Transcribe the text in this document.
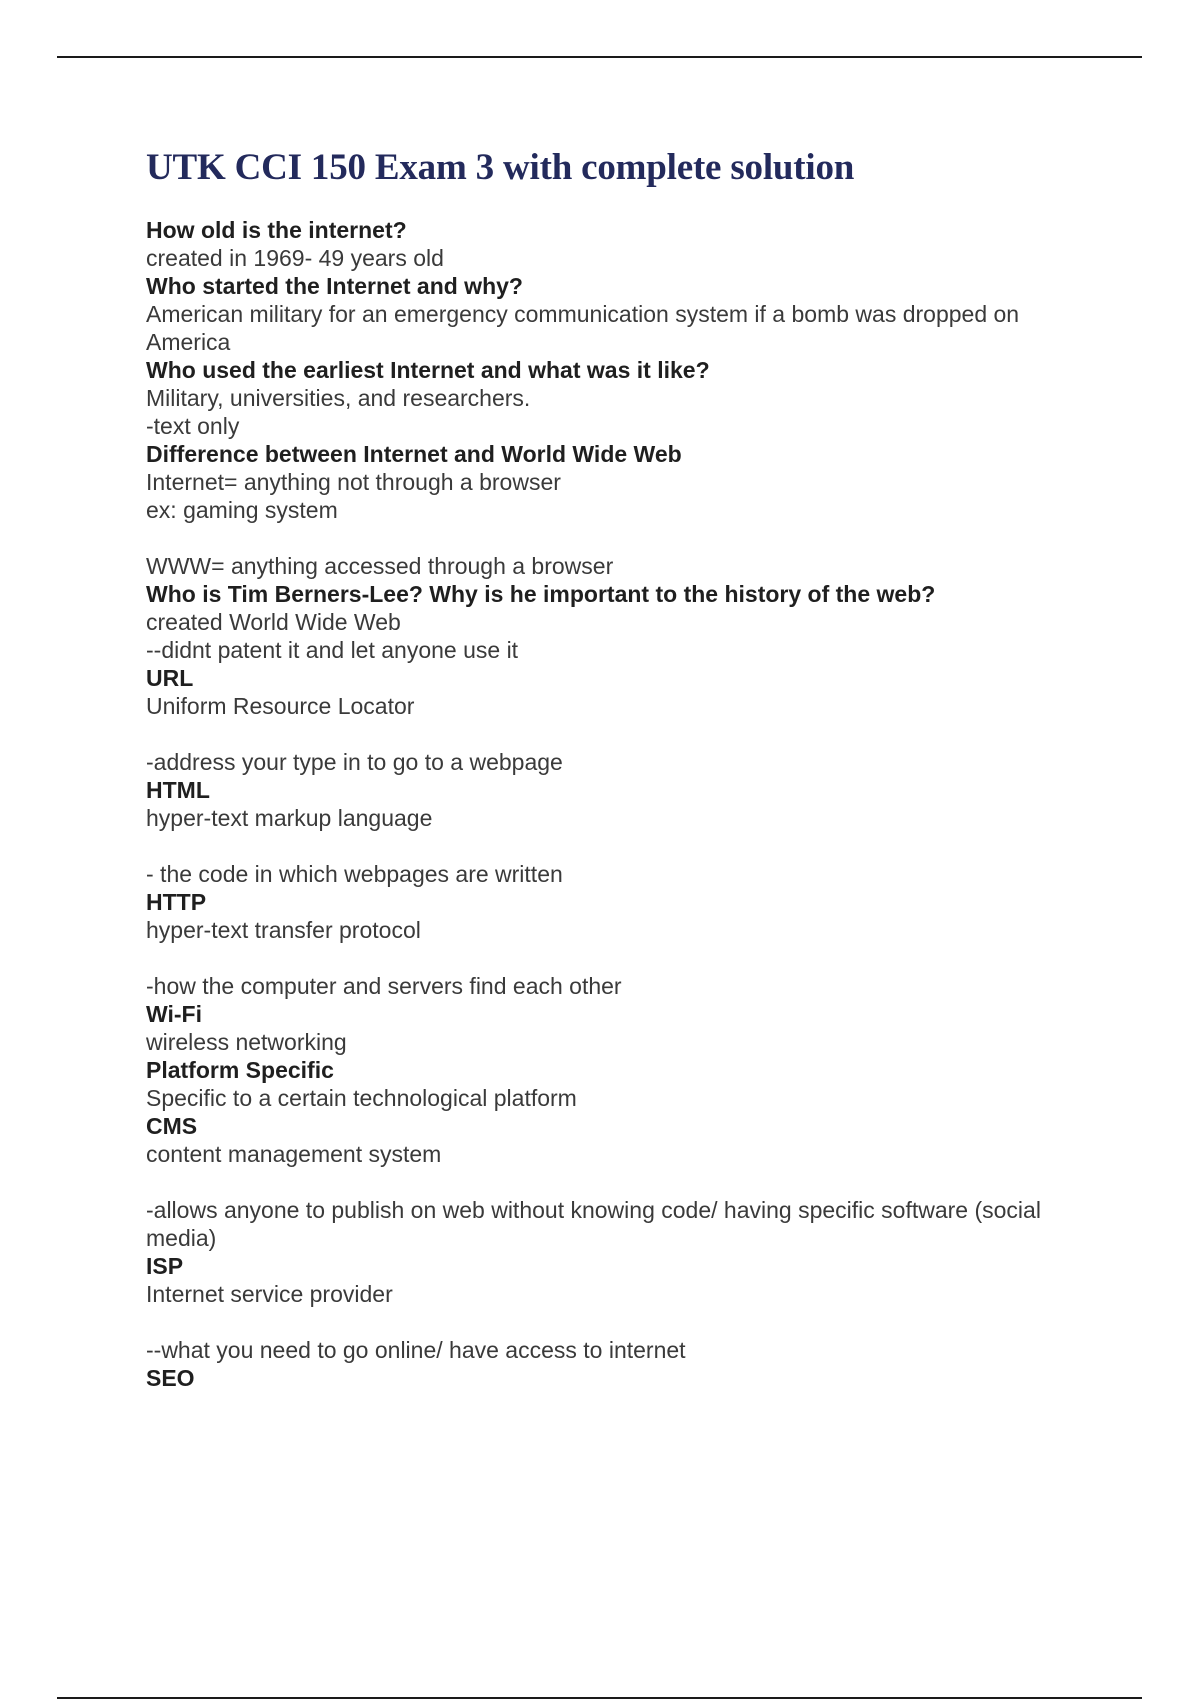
UTK CCI 150 Exam 3 with complete solution
How old is the internet?
created in 1969- 49 years old
Who started the Internet and why?
American military for an emergency communication system if a bomb was dropped on
America
Who used the earliest Internet and what was it like?
Military, universities, and researchers.
-text only
Difference between Internet and World Wide Web
Internet= anything not through a browser
ex: gaming system
WWW= anything accessed through a browser
Who is Tim Berners-Lee? Why is he important to the history of the web?
created World Wide Web
--didnt patent it and let anyone use it
URL
Uniform Resource Locator
-address your type in to go to a webpage
HTML
hyper-text markup language
- the code in which webpages are written
HTTP
hyper-text transfer protocol
-how the computer and servers find each other
Wi-Fi
wireless networking
Platform Specific
Specific to a certain technological platform
CMS
content management system
-allows anyone to publish on web without knowing code/ having specific software (social
media)
ISP
Internet service provider
--what you need to go online/ have access to internet
SEO
